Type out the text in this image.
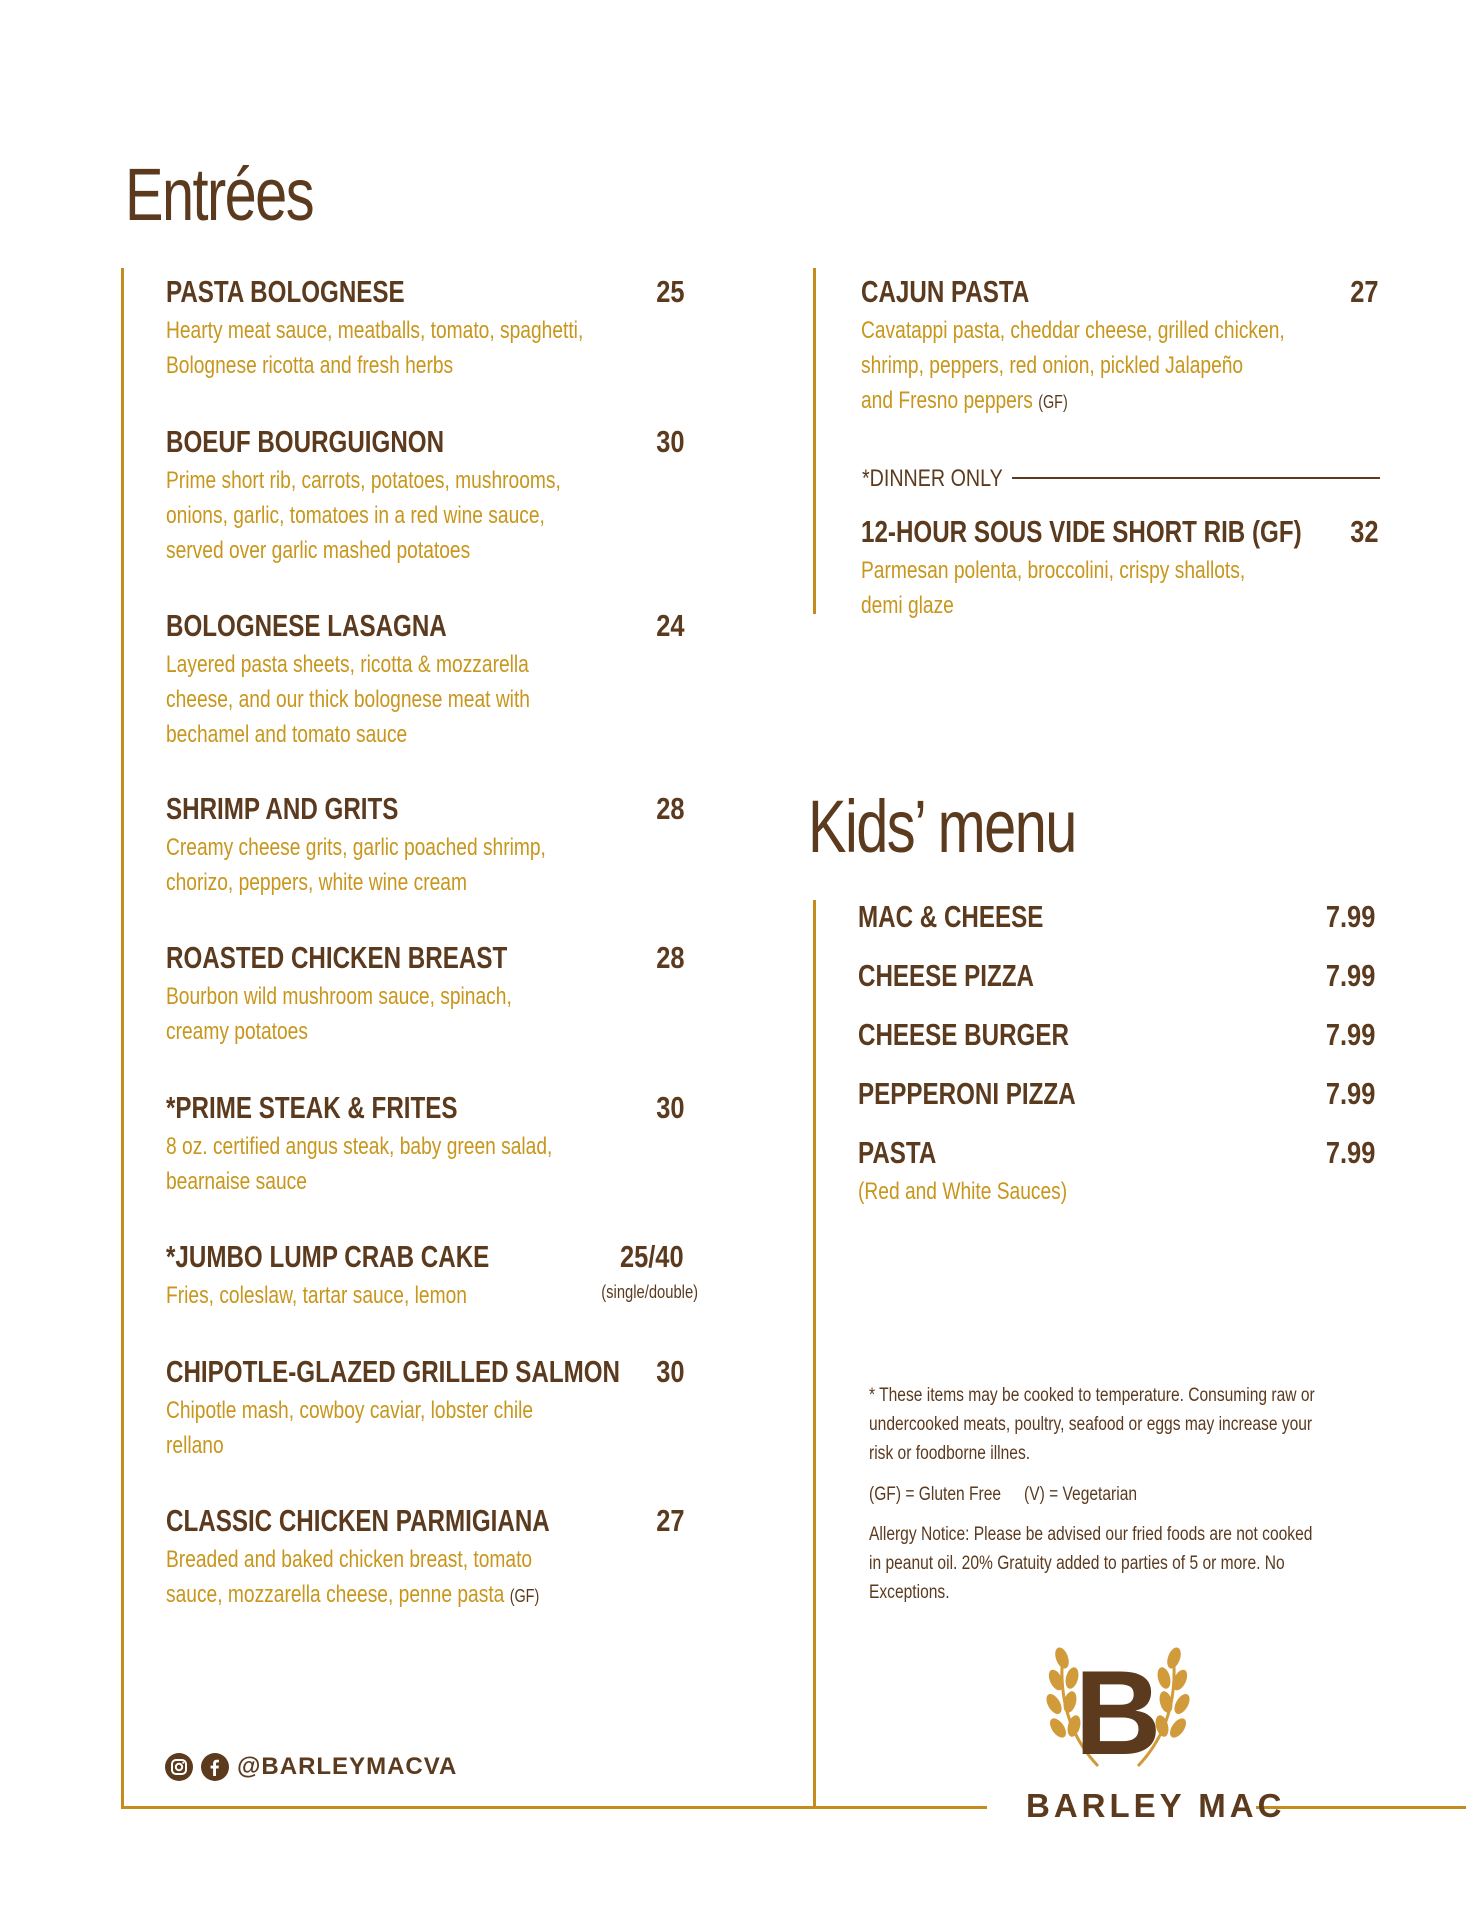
Entrées
Kids’ menu
PASTA BOLOGNESE
Hearty meat sauce, meatballs, tomato, spaghetti,
Bolognese ricotta and fresh herbs
25
BOEUF BOURGUIGNON
Prime short rib, carrots, potatoes, mushrooms,
onions, garlic, tomatoes in a red wine sauce,
served over garlic mashed potatoes
30
BOLOGNESE LASAGNA
Layered pasta sheets, ricotta & mozzarella
cheese, and our thick bolognese meat with
bechamel and tomato sauce
24
SHRIMP AND GRITS
Creamy cheese grits, garlic poached shrimp,
chorizo, peppers, white wine cream
28
ROASTED CHICKEN BREAST
Bourbon wild mushroom sauce, spinach,
creamy potatoes
28
*PRIME STEAK & FRITES
8 oz. certified angus steak, baby green salad,
bearnaise sauce
30
*JUMBO LUMP CRAB CAKE
Fries, coleslaw, tartar sauce, lemon
25/40
(single/double)
CHIPOTLE-GLAZED GRILLED SALMON
Chipotle mash, cowboy caviar, lobster chile
rellano
30
CLASSIC CHICKEN PARMIGIANA
Breaded and baked chicken breast, tomato
sauce, mozzarella cheese, penne pasta (GF)
27
CAJUN PASTA
Cavatappi pasta, cheddar cheese, grilled chicken,
shrimp, peppers, red onion, pickled Jalapeño
and Fresno peppers (GF)
27
12-HOUR SOUS VIDE SHORT RIB (GF)
Parmesan polenta, broccolini, crispy shallots,
demi glaze
32
*DINNER ONLY
MAC & CHEESE	7.99
CHEESE PIZZA	7.99
CHEESE BURGER	7.99
PEPPERONI PIZZA	7.99
PASTA
(Red and White Sauces)
7.99
* These items may be cooked to temperature. Consuming raw or
undercooked meats, poultry, seafood or eggs may increase your
risk or foodborne illnes.
(GF) = Gluten Free (V) = Vegetarian
Allergy Notice: Please be advised our fried foods are not cooked
in peanut oil. 20% Gratuity added to parties of 5 or more. No
Exceptions.
@BARLEYMACVA	B
BARLEY MAC
